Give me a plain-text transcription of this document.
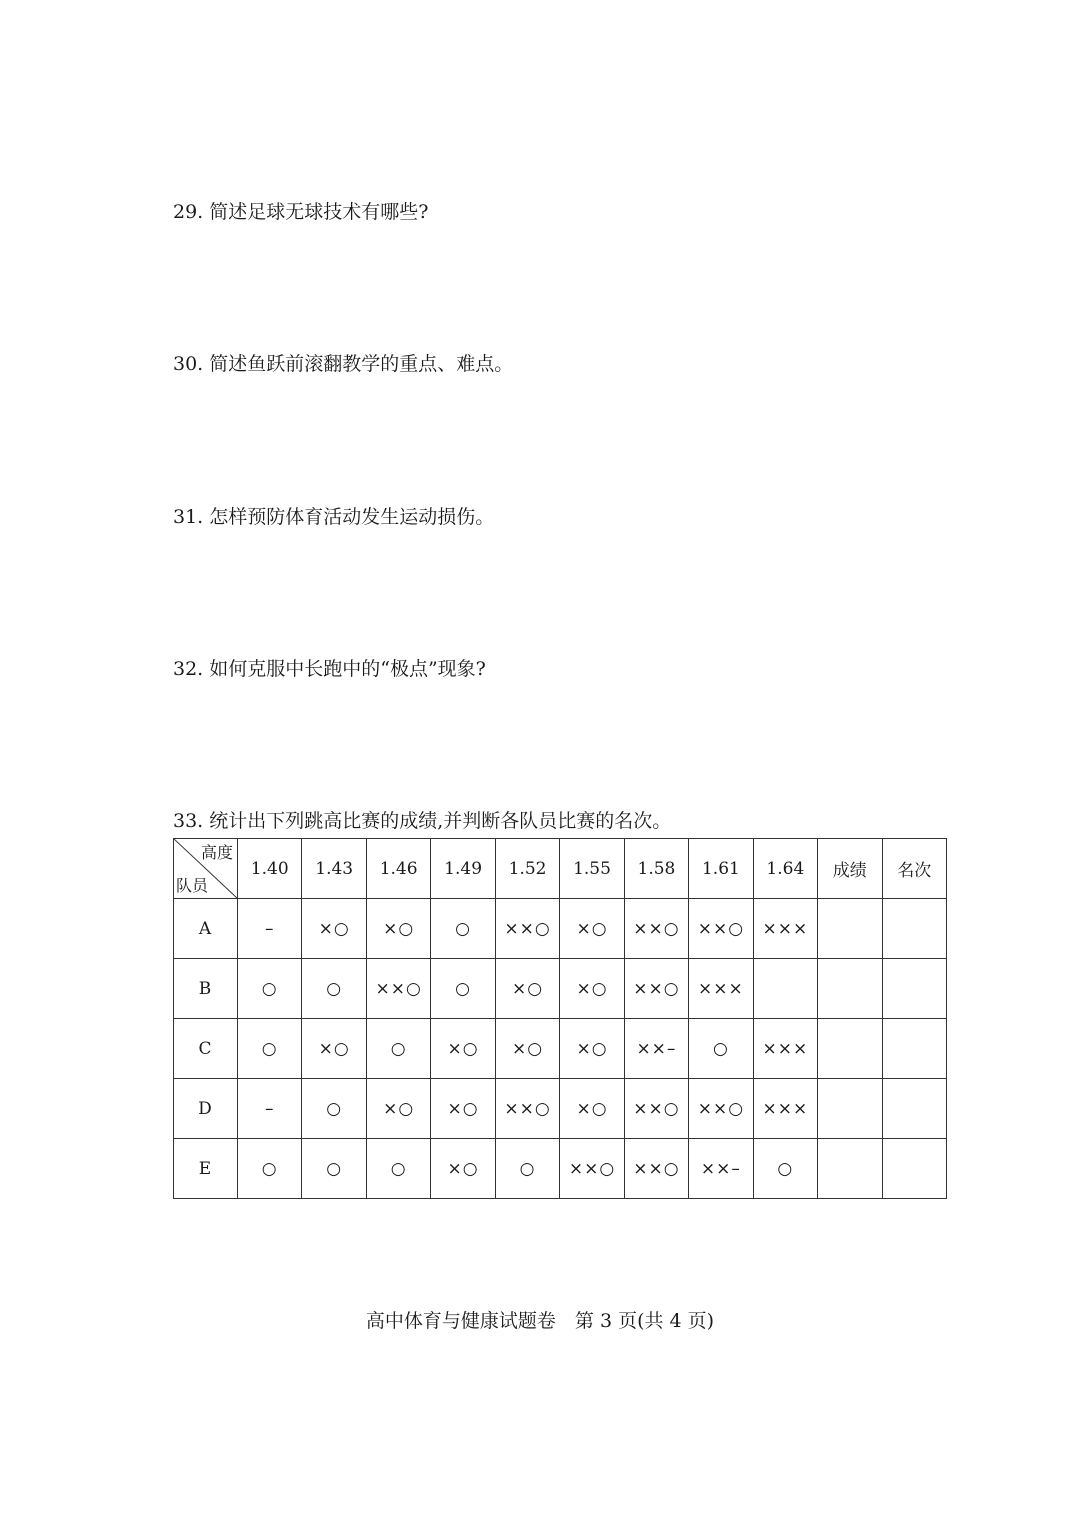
29. 简述足球无球技术有哪些?
30. 简述鱼跃前滚翻教学的重点、难点。
31. 怎样预防体育活动发生运动损伤。
32. 如何克服中长跑中的“极点”现象?
33. 统计出下列跳高比赛的成绩,并判断各队员比赛的名次。
高度
队员	1.40	1.43	1.46	1.49	1.52	1.55	1.58	1.61	1.64	成绩	名次
A	–	×○	×○	○	××○	×○	××○	××○	×××		
B	○	○	××○	○	×○	×○	××○	×××			
C	○	×○	○	×○	×○	×○	××–	○	×××		
D	–	○	×○	×○	××○	×○	××○	××○	×××		
E	○	○	○	×○	○	××○	××○	××–	○		
高中体育与健康试题卷　第 3 页(共 4 页)
